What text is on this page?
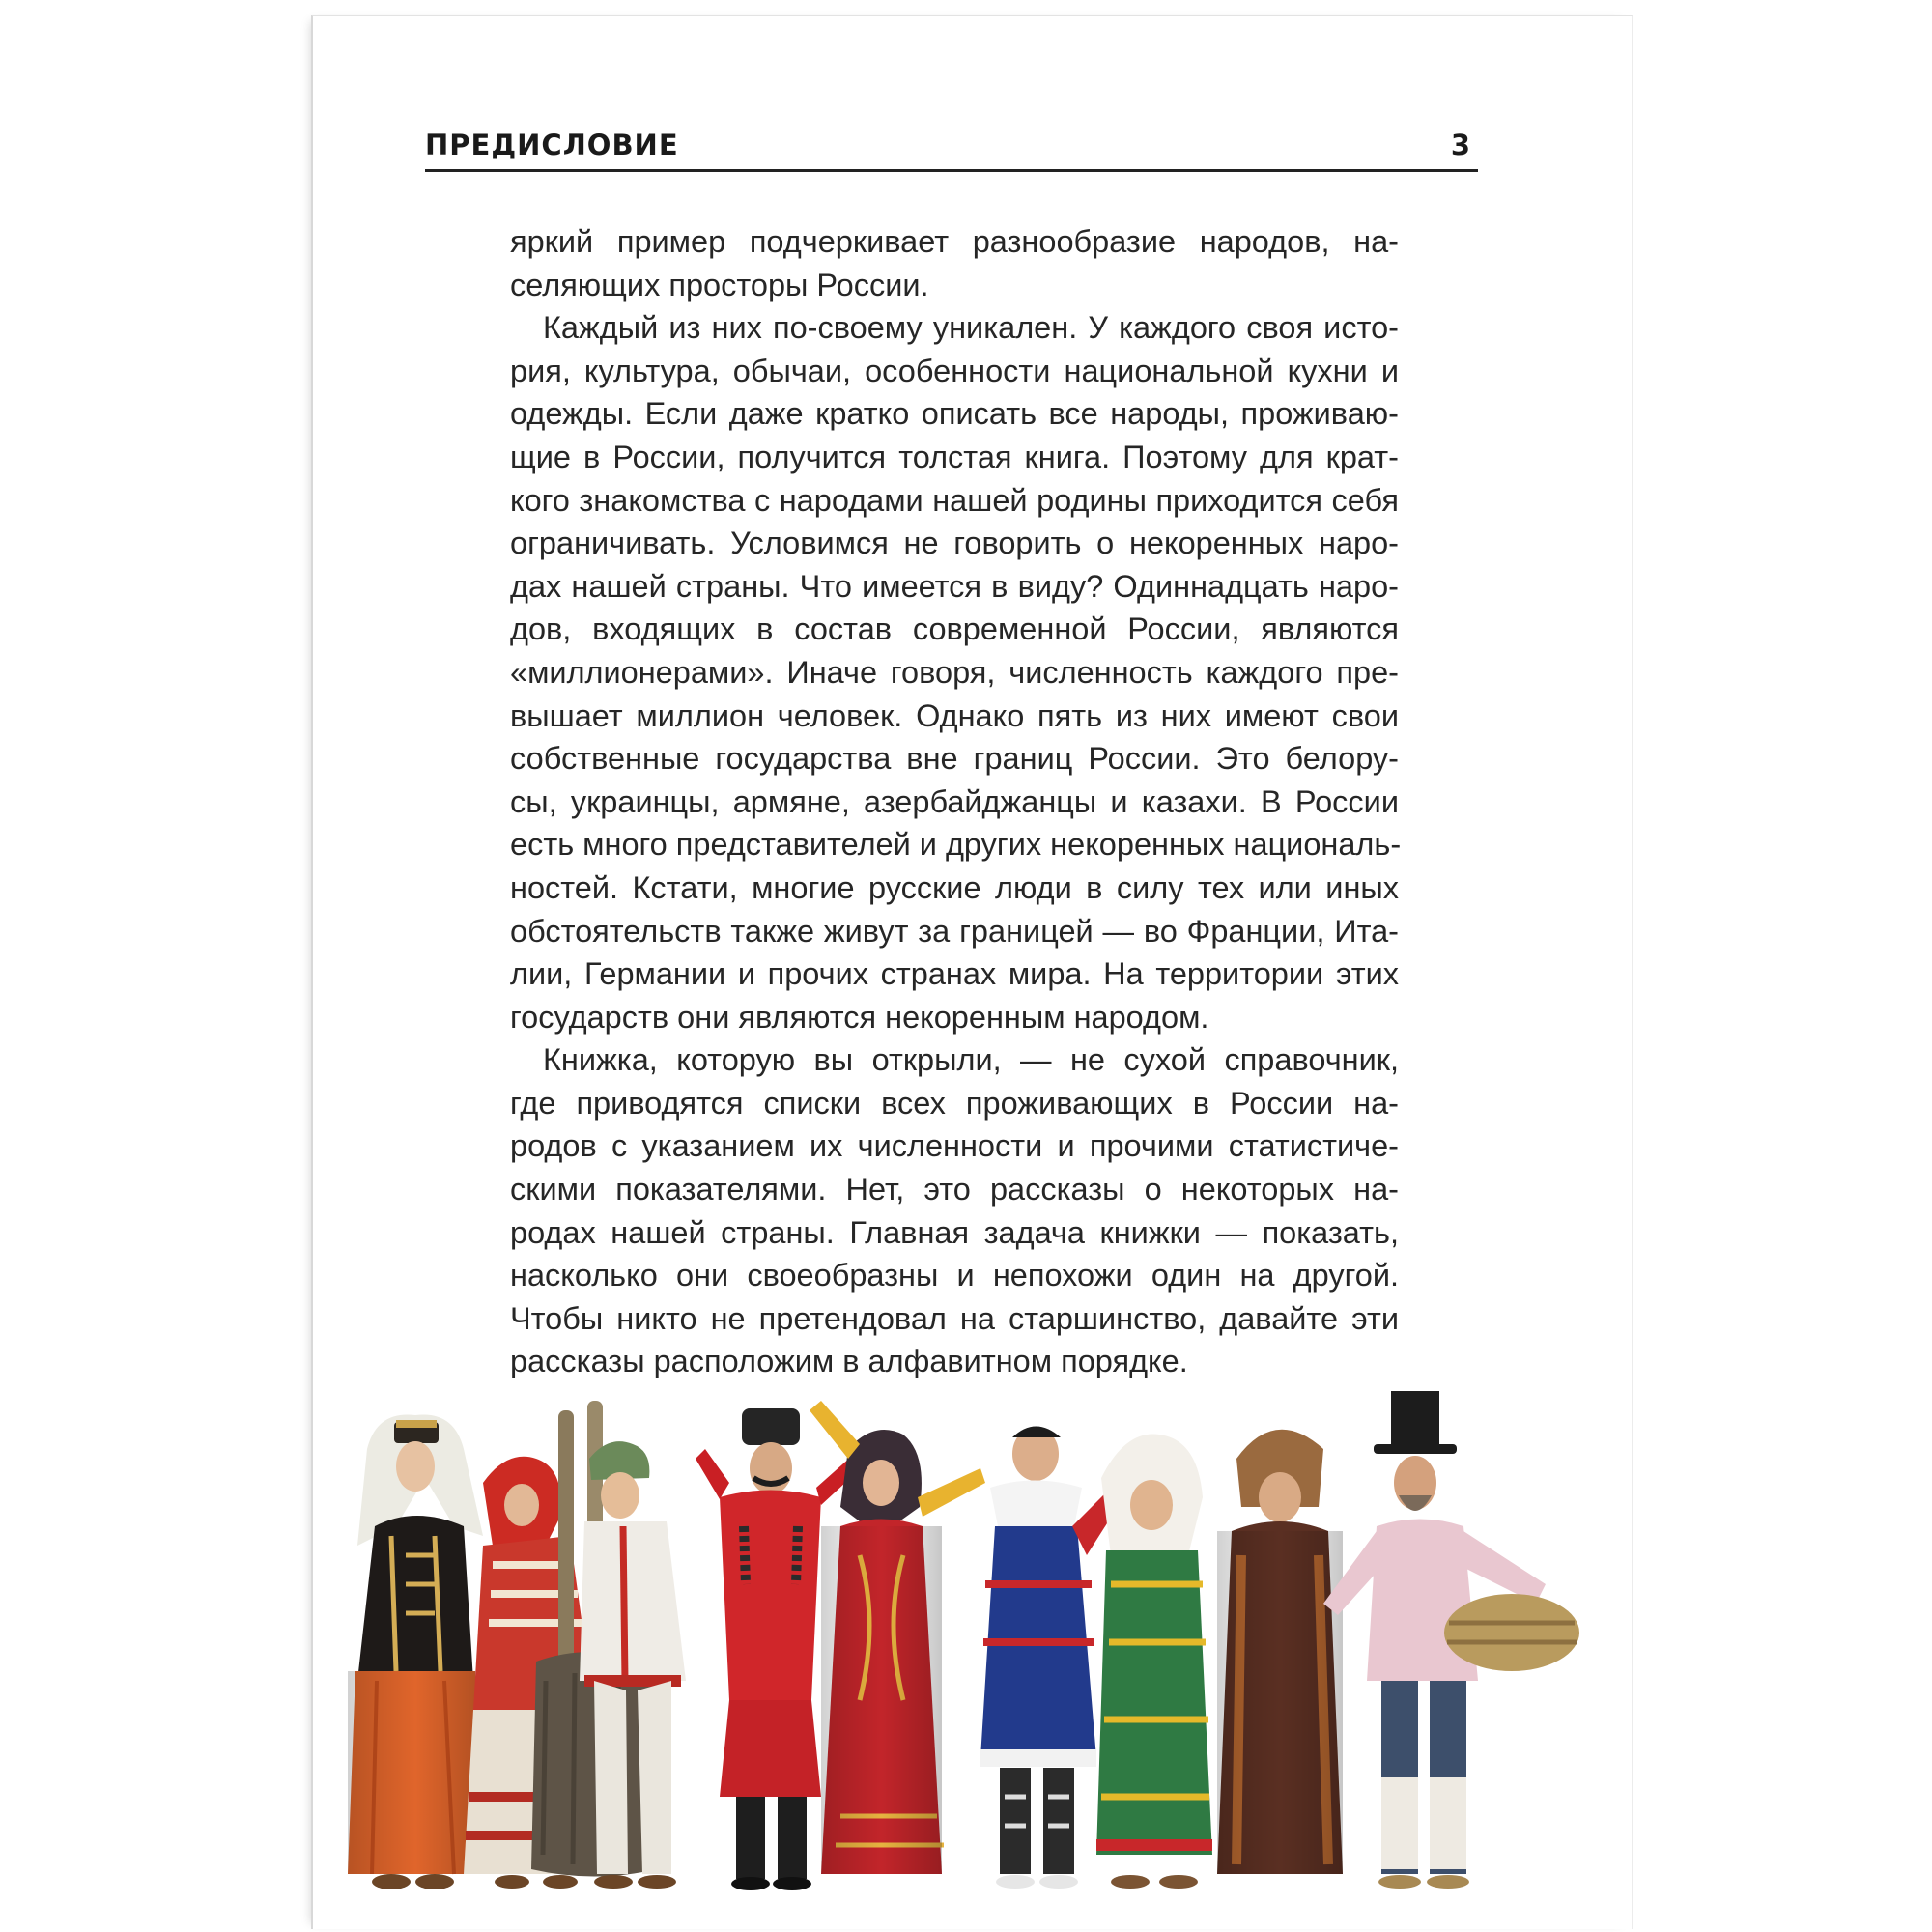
ПРЕДИСЛОВИЕ	3
яркий пример подчеркивает разнообразие народов, на-
селяющих просторы России.
Каждый из них по-своему уникален. У каждого своя исто-
рия, культура, обычаи, особенности национальной кухни и
одежды. Если даже кратко описать все народы, проживаю-
щие в России, получится толстая книга. Поэтому для крат-
кого знакомства с народами нашей родины приходится себя
ограничивать. Условимся не говорить о некоренных наро-
дах нашей страны. Что имеется в виду? Одиннадцать наро-
дов, входящих в состав современной России, являются
«миллионерами». Иначе говоря, численность каждого пре-
вышает миллион человек. Однако пять из них имеют свои
собственные государства вне границ России. Это белору-
сы, украинцы, армяне, азербайджанцы и казахи. В России
есть много представителей и других некоренных националь-
ностей. Кстати, многие русские люди в силу тех или иных
обстоятельств также живут за границей — во Франции, Ита-
лии, Германии и прочих странах мира. На территории этих
государств они являются некоренным народом.
Книжка, которую вы открыли, — не сухой справочник,
где приводятся списки всех проживающих в России на-
родов с указанием их численности и прочими статистиче-
скими показателями. Нет, это рассказы о некоторых на-
родах нашей страны. Главная задача книжки — показать,
насколько они своеобразны и непохожи один на другой.
Чтобы никто не претендовал на старшинство, давайте эти
рассказы расположим в алфавитном порядке.
